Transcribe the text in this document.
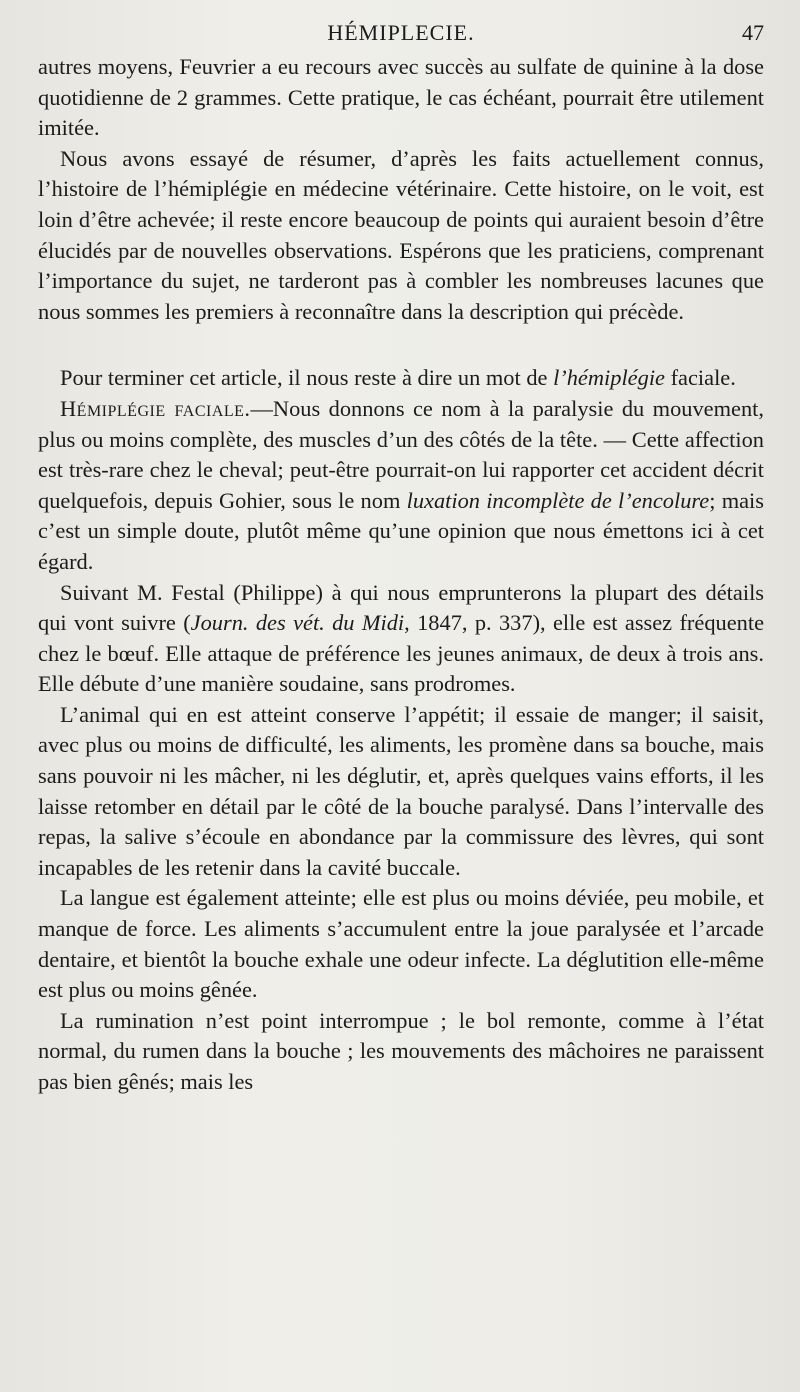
HÉMIPLECIE.	47

autres moyens, Feuvrier a eu recours avec succès au sulfate de quinine à la dose quotidienne de 2 grammes. Cette pratique, le cas échéant, pourrait être utilement imitée.

Nous avons essayé de résumer, d’après les faits actuellement connus, l’histoire de l’hémiplégie en médecine vétérinaire. Cette histoire, on le voit, est loin d’être achevée; il reste encore beaucoup de points qui auraient besoin d’être élucidés par de nouvelles observations. Espérons que les praticiens, comprenant l’importance du sujet, ne tarderont pas à combler les nombreuses lacunes que nous sommes les premiers à reconnaître dans la description qui précède.

Pour terminer cet article, il nous reste à dire un mot de l’hémiplégie faciale.

Hémiplégie faciale.—Nous donnons ce nom à la paralysie du mouvement, plus ou moins complète, des muscles d’un des côtés de la tête. — Cette affection est très-rare chez le cheval; peut-être pourrait-on lui rapporter cet accident décrit quelquefois, depuis Gohier, sous le nom luxation incomplète de l’encolure; mais c’est un simple doute, plutôt même qu’une opinion que nous émettons ici à cet égard.

Suivant M. Festal (Philippe) à qui nous emprunterons la plupart des détails qui vont suivre (Journ. des vét. du Midi, 1847, p. 337), elle est assez fréquente chez le bœuf. Elle attaque de préférence les jeunes animaux, de deux à trois ans. Elle débute d’une manière soudaine, sans prodromes.

L’animal qui en est atteint conserve l’appétit; il essaie de manger; il saisit, avec plus ou moins de difficulté, les aliments, les promène dans sa bouche, mais sans pouvoir ni les mâcher, ni les déglutir, et, après quelques vains efforts, il les laisse retomber en détail par le côté de la bouche paralysé. Dans l’intervalle des repas, la salive s’écoule en abondance par la commissure des lèvres, qui sont incapables de les retenir dans la cavité buccale.

La langue est également atteinte; elle est plus ou moins déviée, peu mobile, et manque de force. Les aliments s’accumulent entre la joue paralysée et l’arcade dentaire, et bientôt la bouche exhale une odeur infecte. La déglutition elle-même est plus ou moins gênée.

La rumination n’est point interrompue ; le bol remonte, comme à l’état normal, du rumen dans la bouche ; les mouvements des mâchoires ne paraissent pas bien gênés; mais les
